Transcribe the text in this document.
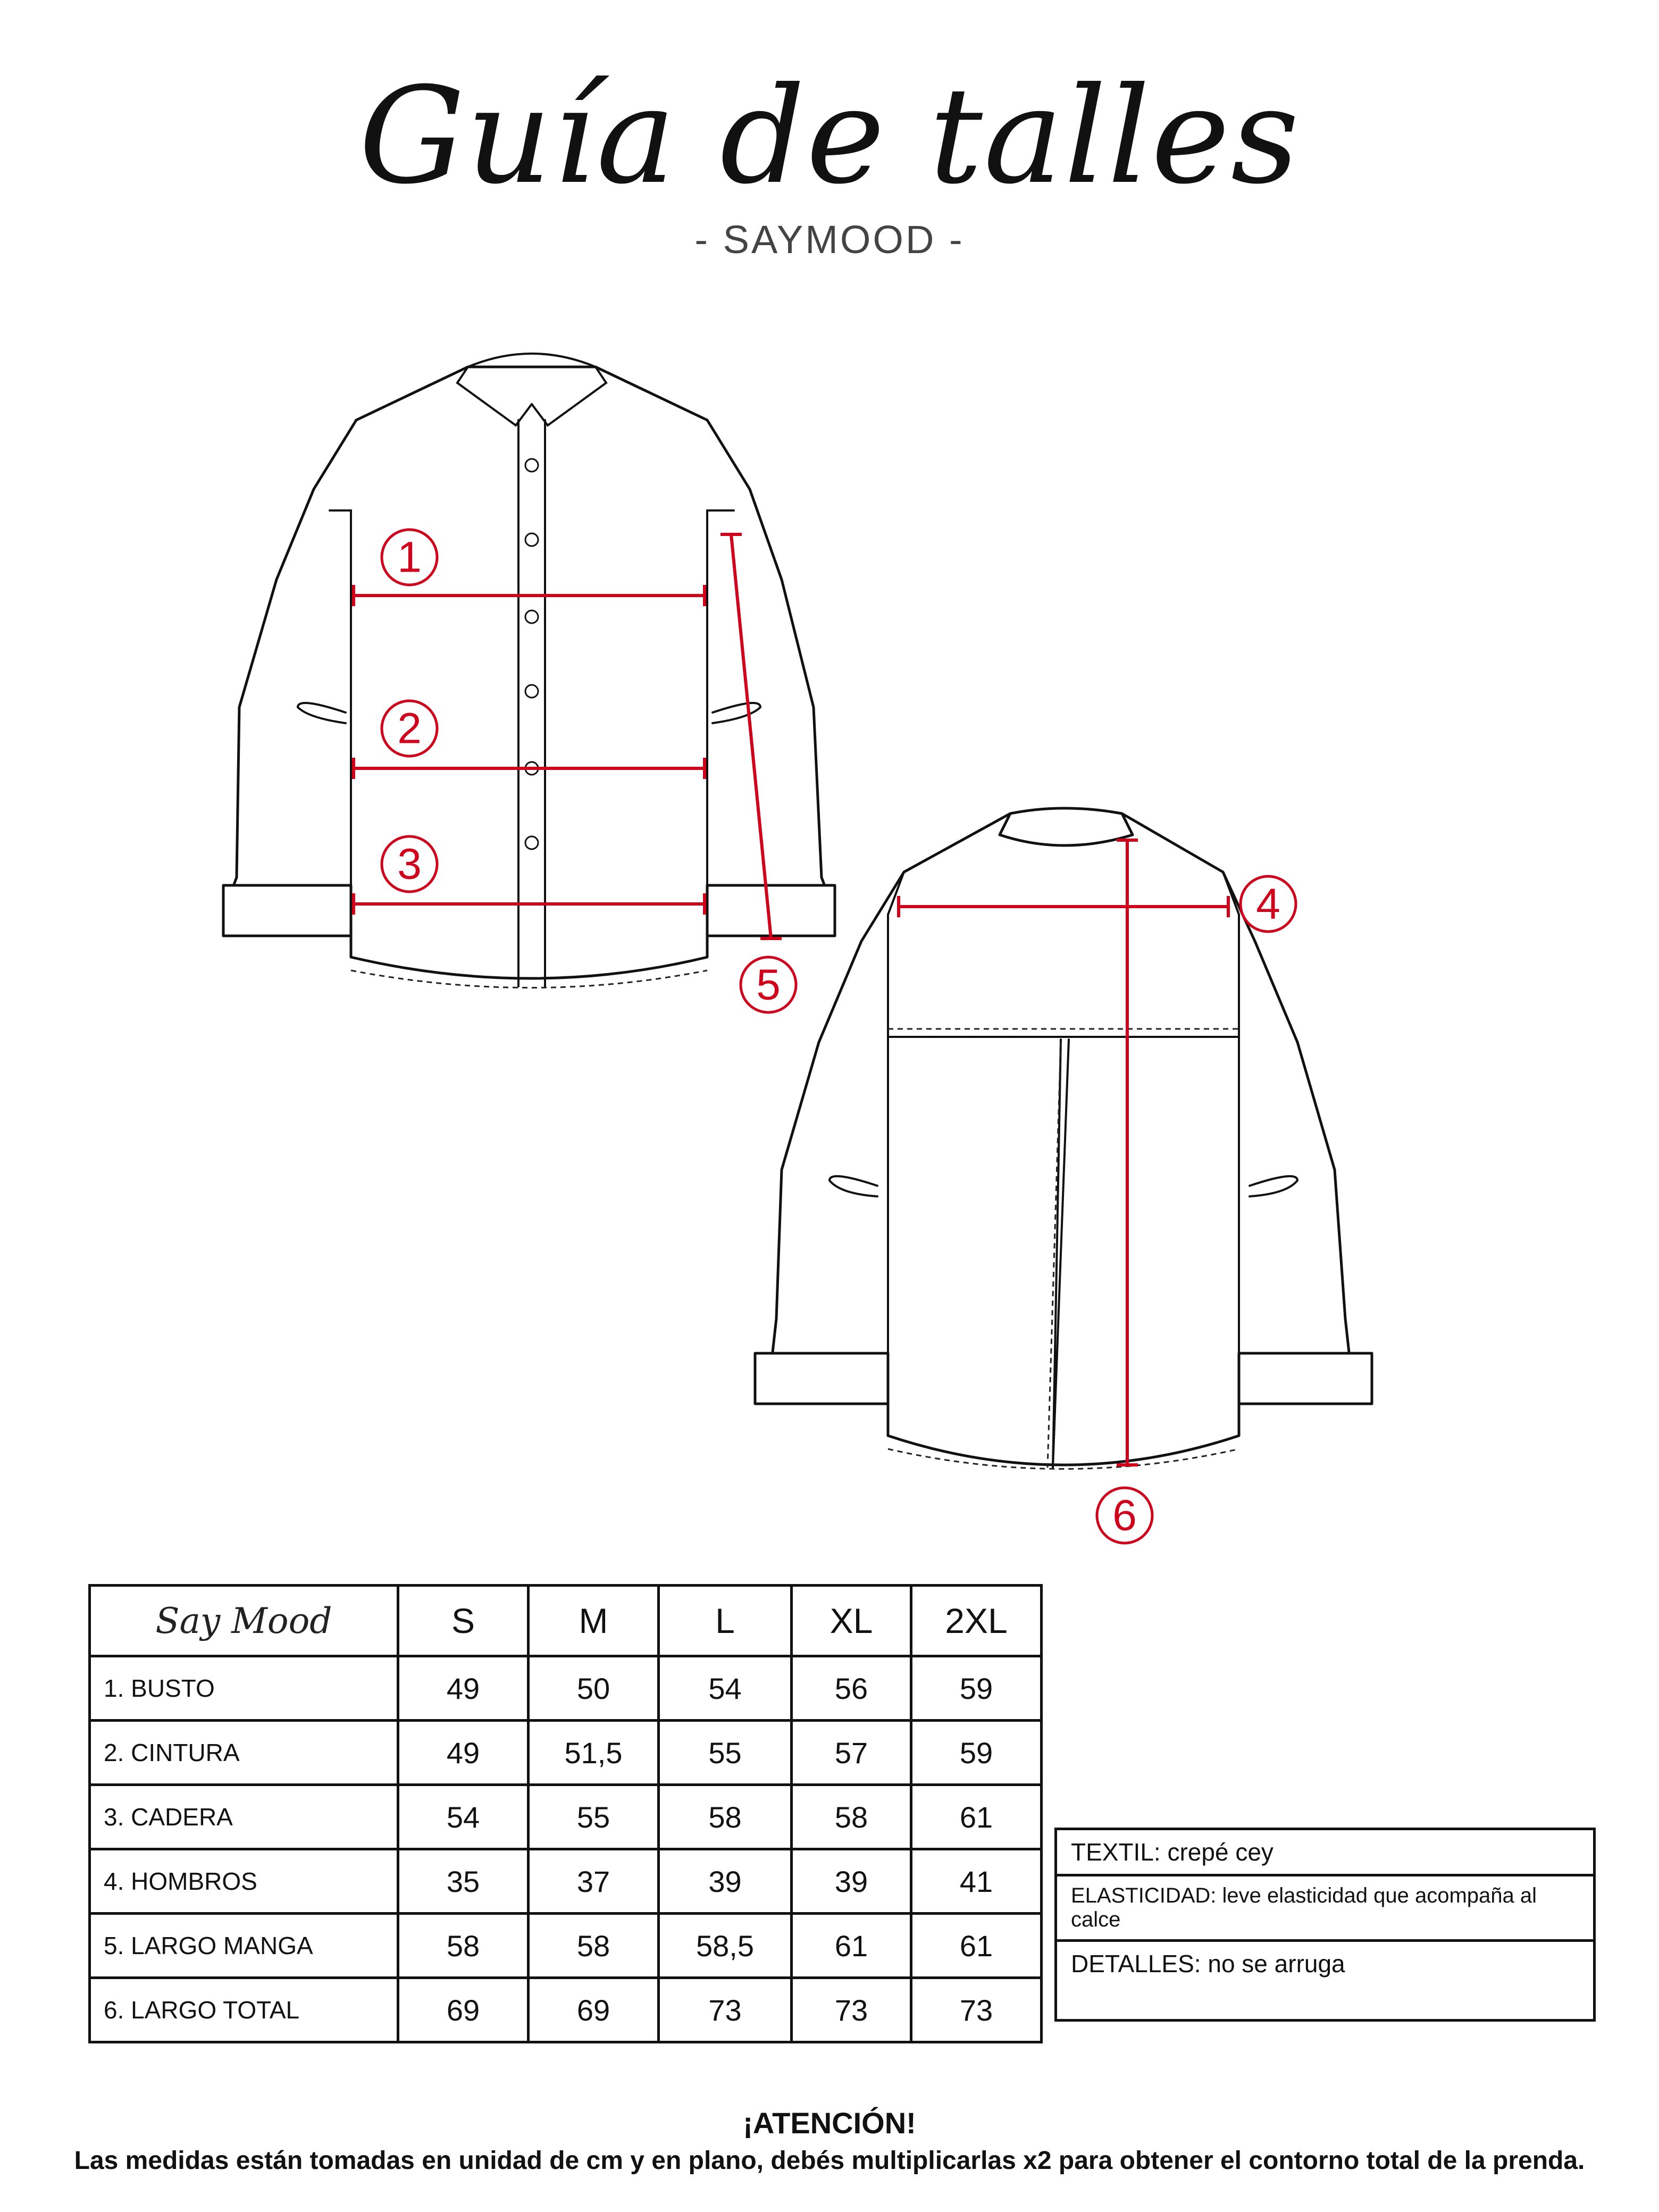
Guía de talles
- SAYMOOD -
1
2
3
5
4
6
Say Mood	S	M	L	XL	2XL
1. BUSTO	49	50	54	56	59
2. CINTURA	49	51,5	55	57	59
3. CADERA	54	55	58	58	61
4. HOMBROS	35	37	39	39	41
5. LARGO MANGA	58	58	58,5	61	61
6. LARGO TOTAL	69	69	73	73	73
TEXTIL: crepé cey
ELASTICIDAD: leve elasticidad que acompaña al calce
DETALLES: no se arruga
¡ATENCIÓN!
Las medidas están tomadas en unidad de cm y en plano, debés multiplicarlas x2 para obtener el contorno total de la prenda.
